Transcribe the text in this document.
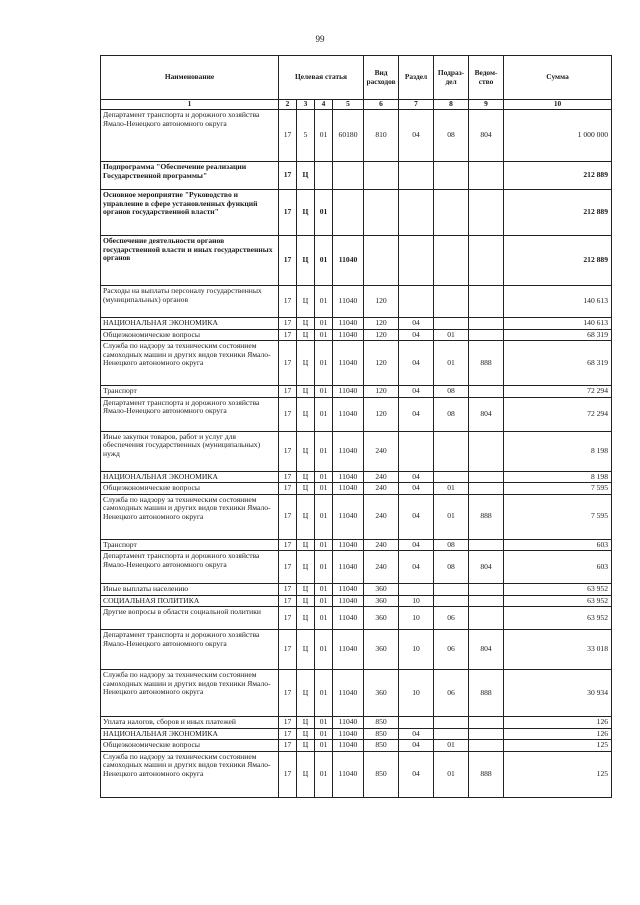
99
Наименование	Целевая статья				Вид расходов	Раздел	Подраз-дел	Ведом-ство	Сумма
1	2	3	4	5	6	7	8	9	10
Департамент транспорта и дорожного хозяйства Ямало-Ненецкого автономного округа	17	5	01	60180	810	04	08	804	1 000 000
Подпрограмма "Обеспечение реализации Государственной программы"	17	Ц							212 889
Основное мероприятие "Руководство и управление в сфере установленных функций органов государственной власти"	17	Ц	01						212 889
Обеспечение деятельности органов государственной власти и иных государственных органов	17	Ц	01	11040					212 889
Расходы на выплаты персоналу государственных (муниципальных) органов	17	Ц	01	11040	120				140 613
НАЦИОНАЛЬНАЯ ЭКОНОМИКА	17	Ц	01	11040	120	04			140 613
Общеэкономические вопросы	17	Ц	01	11040	120	04	01		68 319
Служба по надзору за техническим состоянием самоходных машин и других видов техники Ямало-Ненецкого автономного округа	17	Ц	01	11040	120	04	01	888	68 319
Транспорт	17	Ц	01	11040	120	04	08		72 294
Департамент транспорта и дорожного хозяйства Ямало-Ненецкого автономного округа	17	Ц	01	11040	120	04	08	804	72 294
Иные закупки товаров, работ и услуг для обеспечения государственных (муниципальных) нужд	17	Ц	01	11040	240				8 198
НАЦИОНАЛЬНАЯ ЭКОНОМИКА	17	Ц	01	11040	240	04			8 198
Общеэкономические вопросы	17	Ц	01	11040	240	04	01		7 595
Служба по надзору за техническим состоянием самоходных машин и других видов техники Ямало-Ненецкого автономного округа	17	Ц	01	11040	240	04	01	888	7 595
Транспорт	17	Ц	01	11040	240	04	08		603
Департамент транспорта и дорожного хозяйства Ямало-Ненецкого автономного округа	17	Ц	01	11040	240	04	08	804	603
Иные выплаты населению	17	Ц	01	11040	360				63 952
СОЦИАЛЬНАЯ ПОЛИТИКА	17	Ц	01	11040	360	10			63 952
Другие вопросы в области социальной политики	17	Ц	01	11040	360	10	06		63 952
Департамент транспорта и дорожного хозяйства Ямало-Ненецкого автономного округа	17	Ц	01	11040	360	10	06	804	33 018
Служба по надзору за техническим состоянием самоходных машин и других видов техники Ямало-Ненецкого автономного округа	17	Ц	01	11040	360	10	06	888	30 934
Уплата налогов, сборов и иных платежей	17	Ц	01	11040	850				126
НАЦИОНАЛЬНАЯ ЭКОНОМИКА	17	Ц	01	11040	850	04			126
Общеэкономические вопросы	17	Ц	01	11040	850	04	01		125
Служба по надзору за техническим состоянием самоходных машин и других видов техники Ямало-Ненецкого автономного округа	17	Ц	01	11040	850	04	01	888	125
